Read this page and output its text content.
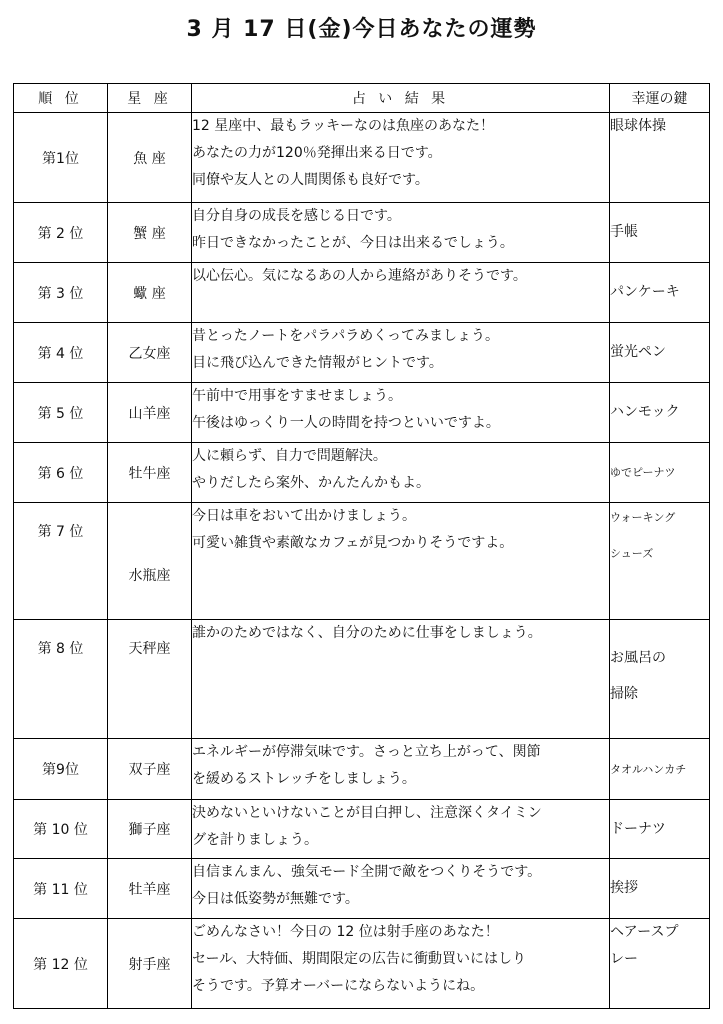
3 月 17 日(金)今日あなたの運勢
順 位	星 座	占 い 結 果	幸運の鍵
第1位	魚 座	12 星座中、最もラッキーなのは魚座のあなた！
あなたの力が120％発揮出来る日です。
同僚や友人との人間関係も良好です。	眼球体操

第 2 位	蟹 座	自分自身の成長を感じる日です。
昨日できなかったことが、今日は出来るでしょう。	手帳

第 3 位	蠍 座	以心伝心。気になるあの人から連絡がありそうです。	パンケーキ

第 4 位	乙女座	昔とったノートをパラパラめくってみましょう。
目に飛び込んできた情報がヒントです。	蛍光ペン

第 5 位	山羊座	午前中で用事をすませましょう。
午後はゆっくり一人の時間を持つといいですよ。	ハンモック

第 6 位	牡牛座	人に頼らず、自力で問題解決。
やりだしたら案外、かんたんかもよ。	ゆでピーナツ

第 7 位	水瓶座	今日は車をおいて出かけましょう。
可愛い雑貨や素敵なカフェが見つかりそうですよ。	ウォーキング
シューズ

第 8 位	天秤座	誰かのためではなく、自分のために仕事をしましょう。	お風呂の
掃除

第9位	双子座	エネルギーが停滞気味です。さっと立ち上がって、関節
を緩めるストレッチをしましょう。	タオルハンカチ

第 10 位	獅子座	決めないといけないことが目白押し、注意深くタイミン
グを計りましょう。	ドーナツ

第 11 位	牡羊座	自信まんまん、強気モード全開で敵をつくりそうです。
今日は低姿勢が無難です。	挨拶

第 12 位	射手座	ごめんなさい！今日の 12 位は射手座のあなた！
セール、大特価、期間限定の広告に衝動買いにはしり
そうです。予算オーバーにならないようにね。	ヘアースプ
レー
